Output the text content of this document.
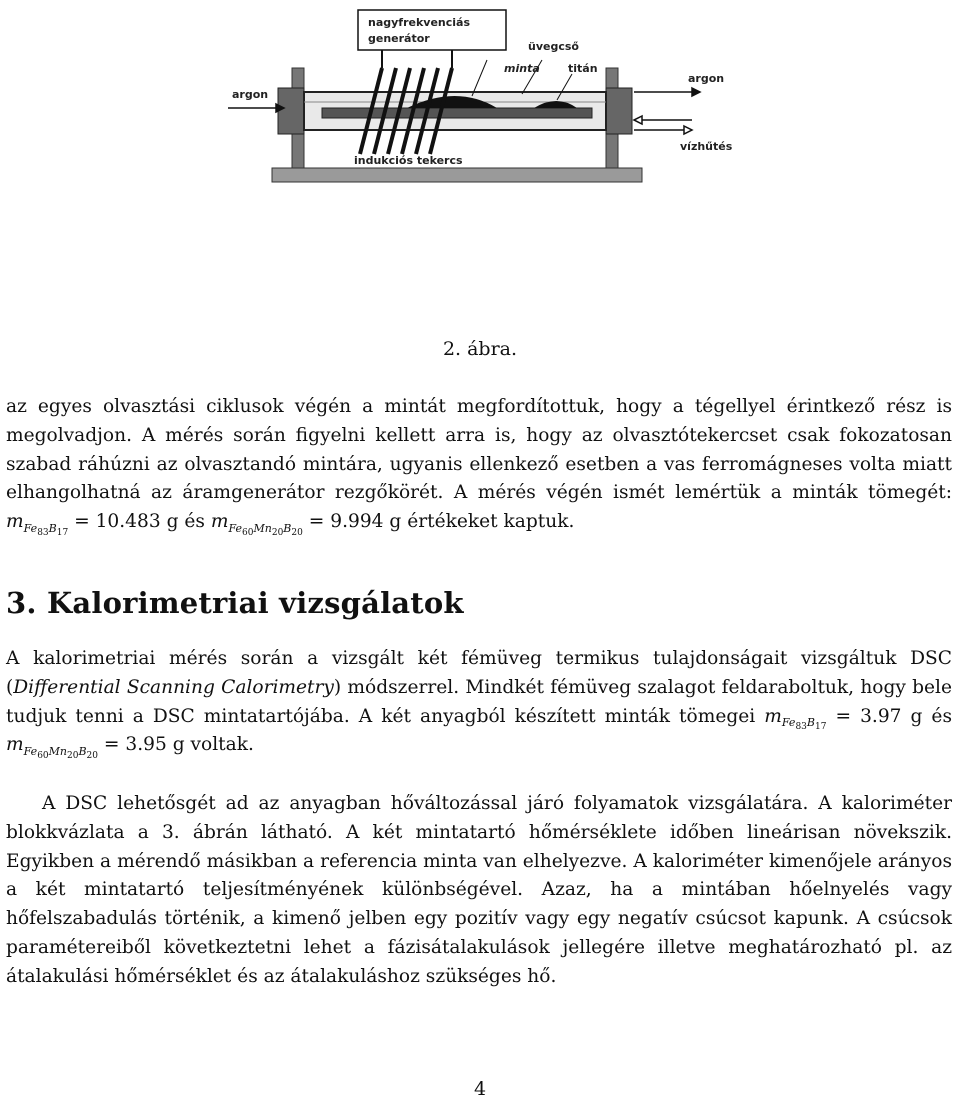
nagyfrekvenciás
generátor
üvegcső
minta	titán
argon
argon
indukciós tekercs
vízhűtés
2. ábra.
az egyes olvasztási ciklusok végén a mintát megfordítottuk, hogy a tégellyel érintkező rész is megolvadjon. A mérés során figyelni kellett arra is, hogy az olvasztótekercset csak fokozatosan szabad ráhúzni az olvasztandó mintára, ugyanis ellenkező esetben a vas ferromágneses volta miatt elhangolhatná az áramgenerátor rezgőkörét. A mérés végén ismét lemértük a minták tömegét: $m_{Fe_{83}B_{17}} = 10.483$ g és $m_{Fe_{60}Mn_{20}B_{20}} = 9.994$ g értékeket kaptuk.
3. Kalorimetriai vizsgálatok
A kalorimetriai mérés során a vizsgált két fémüveg termikus tulajdonságait vizsgáltuk DSC (Differential Scanning Calorimetry) módszerrel. Mindkét fémüveg szalagot feldaraboltuk, hogy bele tudjuk tenni a DSC mintatartójába. A két anyagból készített minták tömegei $m_{Fe_{83}B_{17}} = 3.97$ g és $m_{Fe_{60}Mn_{20}B_{20}} = 3.95$ g voltak.
A DSC lehetősgét ad az anyagban hőváltozással járó folyamatok vizsgálatára. A kaloriméter blokkvázlata a 3. ábrán látható. A két mintatartó hőmérséklete időben lineárisan növekszik. Egyikben a mérendő másikban a referencia minta van elhelyezve. A kaloriméter kimenőjele arányos a két mintatartó teljesítményének különbségével. Azaz, ha a mintában hőelnyelés vagy hőfelszabadulás történik, a kimenő jelben egy pozitív vagy egy negatív csúcsot kapunk. A csúcsok paramétereiből következtetni lehet a fázisátalakulások jellegére illetve meghatározható pl. az átalakulási hőmérséklet és az átalakuláshoz szükséges hő.
4
